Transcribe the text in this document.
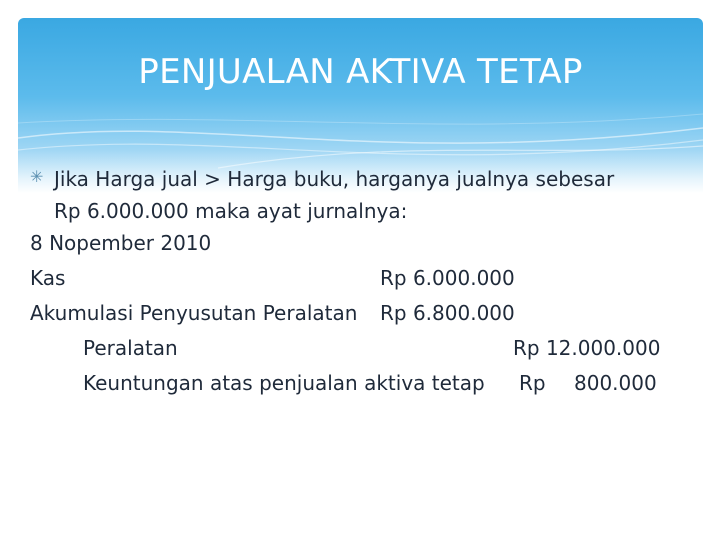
PENJUALAN AKTIVA TETAP
✳ Jika Harga jual > Harga buku, harganya jualnya sebesar
Rp 6.000.000 maka ayat jurnalnya:
8 Nopember 2010
Kas	Rp 6.000.000
Akumulasi Penyusutan Peralatan Rp 6.800.000
Peralatan	Rp 12.000.000
Keuntungan atas penjualan aktiva tetap Rp 800.000
